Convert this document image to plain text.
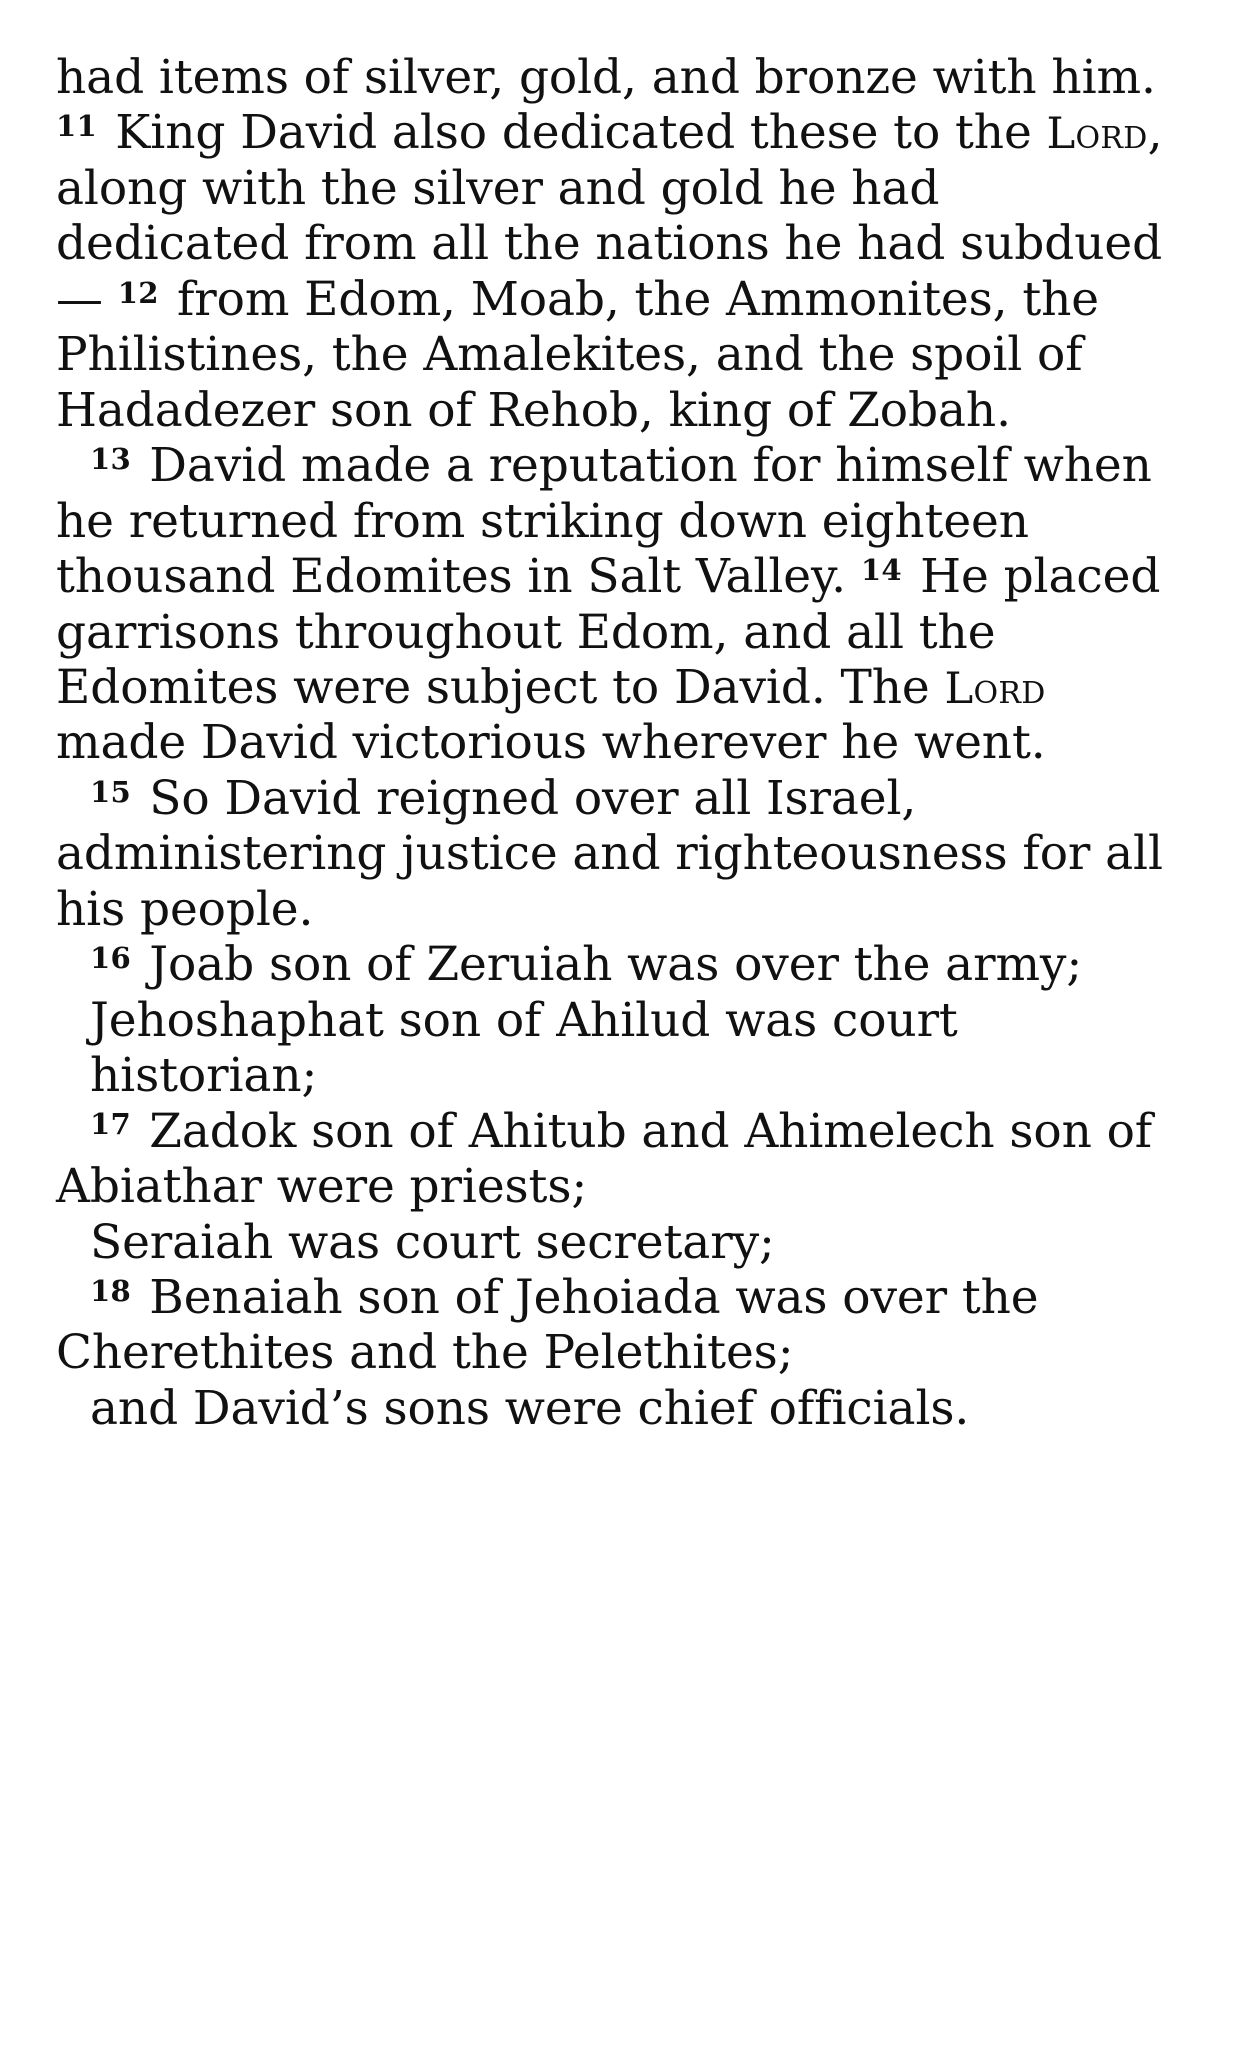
had items of silver, gold, and bronze with him. $^{11}$ King David also dedicated these to the Lord, along with the silver and gold he had dedicated from all the nations he had subdued — $^{12}$ from Edom, Moab, the Ammonites, the Philistines, the Amalekites, and the spoil of Hadadezer son of Rehob, king of Zobah.

$^{13}$ David made a reputation for himself when he returned from striking down eighteen thousand Edomites in Salt Valley. $^{14}$ He placed garrisons throughout Edom, and all the Edomites were subject to David. The Lord made David victorious wherever he went.

$^{15}$ So David reigned over all Israel, administering justice and righteousness for all his people.

$^{16}$ Joab son of Zeruiah was over the army;
Jehoshaphat son of Ahilud was court historian;

$^{17}$ Zadok son of Ahitub and Ahimelech son of Abiathar were priests;
Seraiah was court secretary;

$^{18}$ Benaiah son of Jehoiada was over the Cherethites and the Pelethites;
and David’s sons were chief officials.
